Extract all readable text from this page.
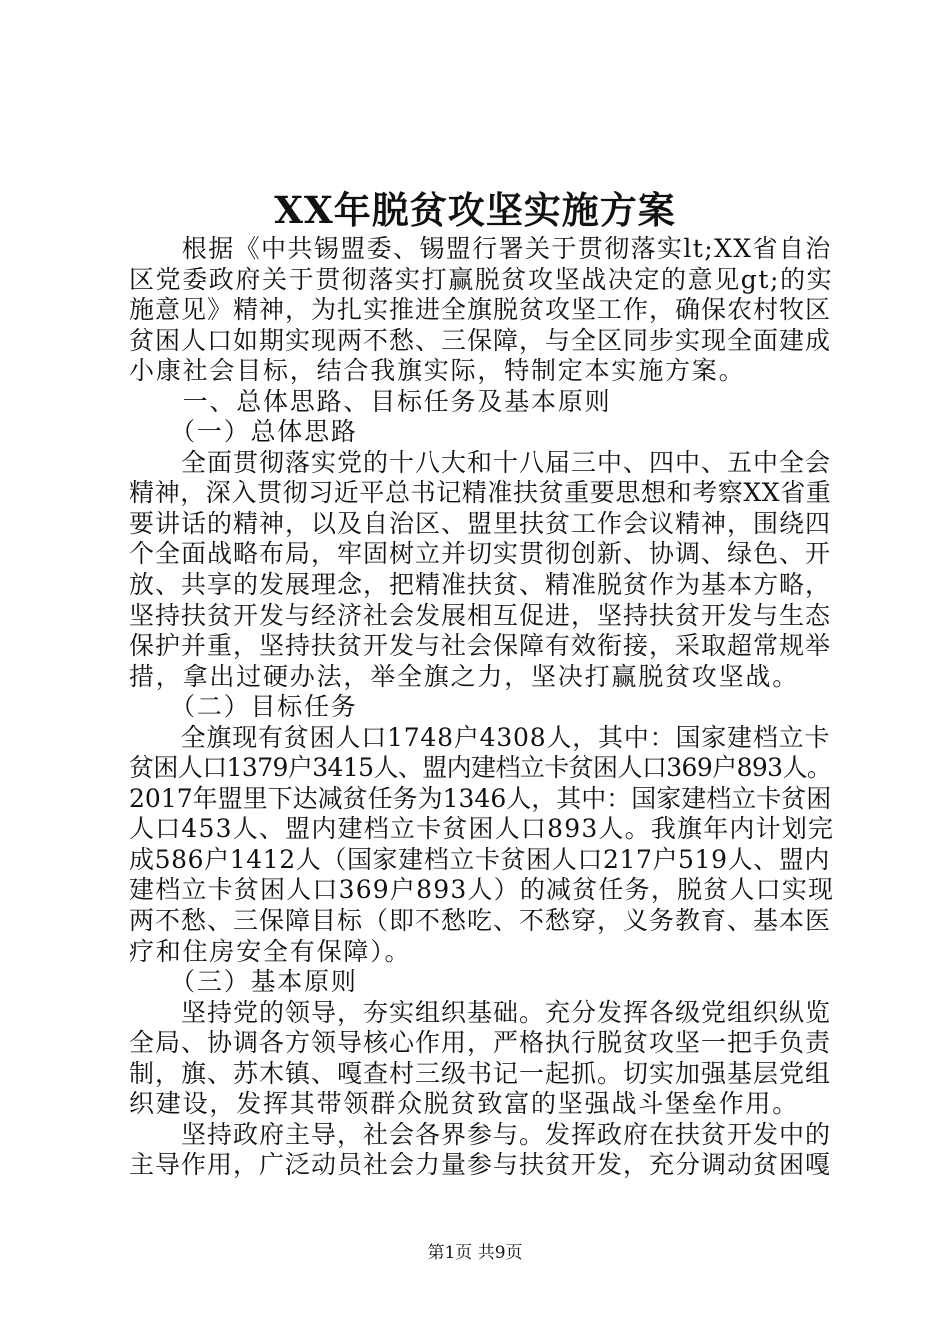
XX年脱贫攻坚实施方案
　　根据《中共锡盟委、锡盟行署关于贯彻落实lt;XX省自治
区党委政府关于贯彻落实打赢脱贫攻坚战决定的意见gt;的实
施意见》精神，为扎实推进全旗脱贫攻坚工作，确保农村牧区
贫困人口如期实现两不愁、三保障，与全区同步实现全面建成
小康社会目标，结合我旗实际，特制定本实施方案。
　　一、总体思路、目标任务及基本原则
　　（一）总体思路
　　全面贯彻落实党的十八大和十八届三中、四中、五中全会
精神，深入贯彻习近平总书记精准扶贫重要思想和考察XX省重
要讲话的精神，以及自治区、盟里扶贫工作会议精神，围绕四
个全面战略布局，牢固树立并切实贯彻创新、协调、绿色、开
放、共享的发展理念，把精准扶贫、精准脱贫作为基本方略，
坚持扶贫开发与经济社会发展相互促进，坚持扶贫开发与生态
保护并重，坚持扶贫开发与社会保障有效衔接，采取超常规举
措，拿出过硬办法，举全旗之力，坚决打赢脱贫攻坚战。
　　（二）目标任务
　　全旗现有贫困人口1748户4308人，其中：国家建档立卡
贫困人口1379户3415人、盟内建档立卡贫困人口369户893人。
2017年盟里下达减贫任务为1346人，其中：国家建档立卡贫困
人口453人、盟内建档立卡贫困人口893人。我旗年内计划完
成586户1412人（国家建档立卡贫困人口217户519人、盟内
建档立卡贫困人口369户893人）的减贫任务，脱贫人口实现
两不愁、三保障目标（即不愁吃、不愁穿，义务教育、基本医
疗和住房安全有保障）。
　　（三）基本原则
　　坚持党的领导，夯实组织基础。充分发挥各级党组织纵览
全局、协调各方领导核心作用，严格执行脱贫攻坚一把手负责
制，旗、苏木镇、嘎查村三级书记一起抓。切实加强基层党组
织建设，发挥其带领群众脱贫致富的坚强战斗堡垒作用。
　　坚持政府主导，社会各界参与。发挥政府在扶贫开发中的
主导作用，广泛动员社会力量参与扶贫开发，充分调动贫困嘎
第1页 共9页
